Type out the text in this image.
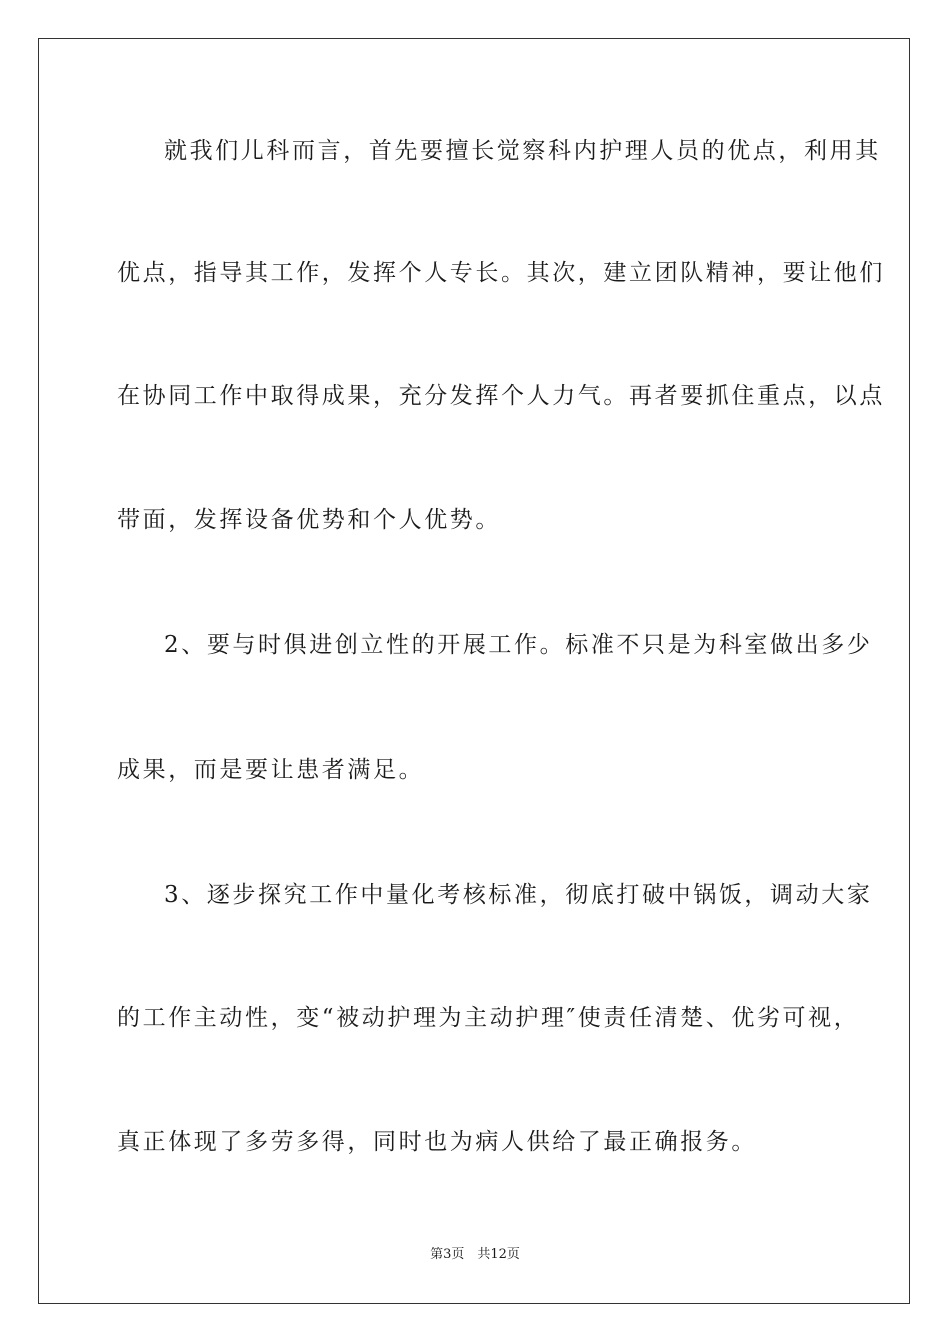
就我们儿科而言，首先要擅长觉察科内护理人员的优点，利用其
优点，指导其工作，发挥个人专长。其次，建立团队精神，要让他们
在协同工作中取得成果，充分发挥个人力气。再者要抓住重点，以点
带面，发挥设备优势和个人优势。
2、要与时俱进创立性的开展工作。标准不只是为科室做出多少
成果，而是要让患者满足。
3、逐步探究工作中量化考核标准，彻底打破中锅饭，调动大家
的工作主动性，变“被动护理为主动护理″使责任清楚、优劣可视，
真正体现了多劳多得，同时也为病人供给了最正确报务。
第3页　共12页
